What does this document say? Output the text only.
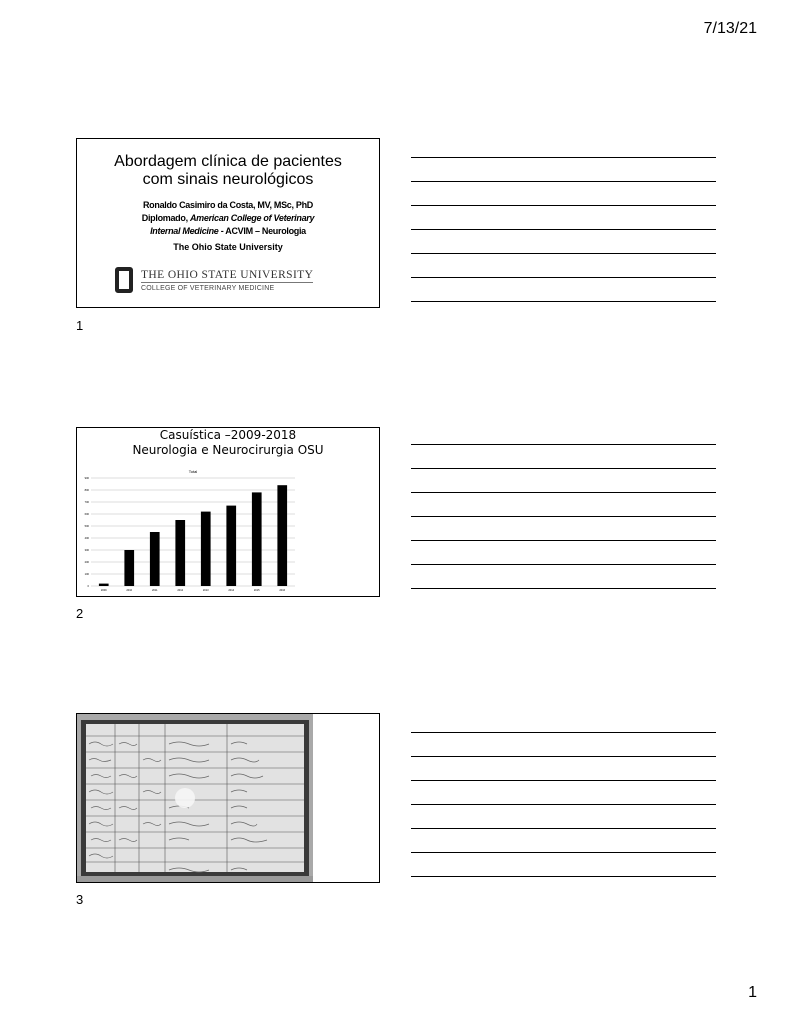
7/13/21
Abordagem clínica de pacientes
com sinais neurológicos
Ronaldo Casimiro da Costa, MV, MSc, PhD
Diplomado, American College of Veterinary
Internal Medicine - ACVIM – Neurologia
The Ohio State University
THE OHIO STATE UNIVERSITY
COLLEGE OF VETERINARY MEDICINE
1
Casuística –2009-2018
Neurologia e Neurocirurgia OSU
Total
0
100
200
300
400
500
600
700
800
900
2009	2010	2011	2012	2013	2014	2015	2016
2
3
1
